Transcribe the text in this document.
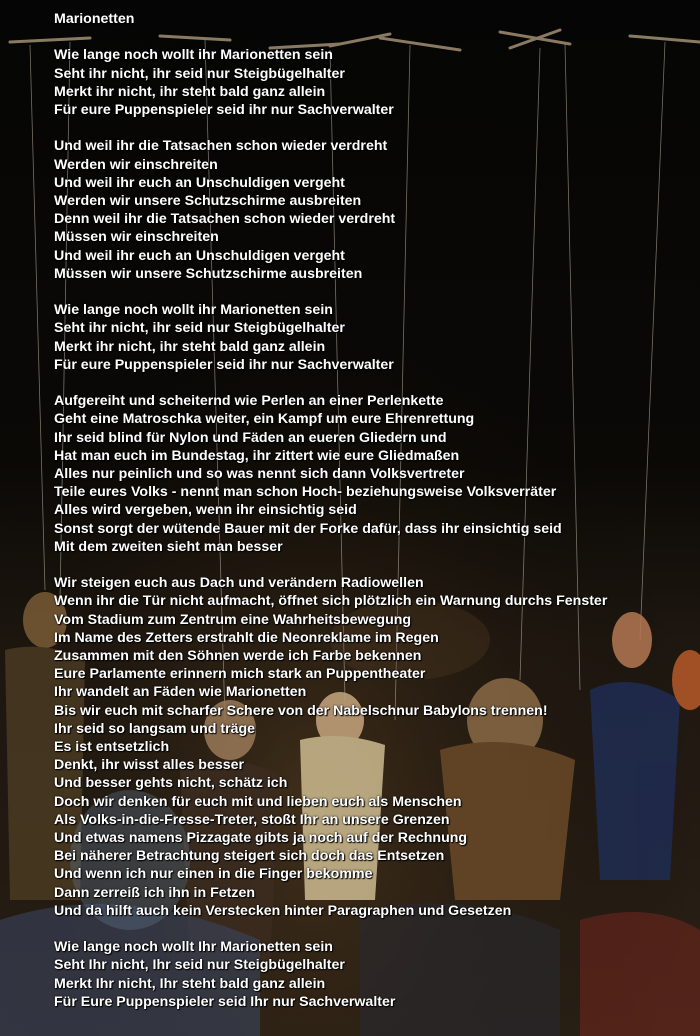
Marionetten
Wie lange noch wollt ihr Marionetten sein
Seht ihr nicht, ihr seid nur Steigbügelhalter
Merkt ihr nicht, ihr steht bald ganz allein
Für eure Puppenspieler seid ihr nur Sachverwalter
Und weil ihr die Tatsachen schon wieder verdreht
Werden wir einschreiten
Und weil ihr euch an Unschuldigen vergeht
Werden wir unsere Schutzschirme ausbreiten
Denn weil ihr die Tatsachen schon wieder verdreht
Müssen wir einschreiten
Und weil ihr euch an Unschuldigen vergeht
Müssen wir unsere Schutzschirme ausbreiten
Wie lange noch wollt ihr Marionetten sein
Seht ihr nicht, ihr seid nur Steigbügelhalter
Merkt ihr nicht, ihr steht bald ganz allein
Für eure Puppenspieler seid ihr nur Sachverwalter
Aufgereiht und scheiternd wie Perlen an einer Perlenkette
Geht eine Matroschka weiter, ein Kampf um eure Ehrenrettung
Ihr seid blind für Nylon und Fäden an eueren Gliedern und
Hat man euch im Bundestag, ihr zittert wie eure Gliedmaßen
Alles nur peinlich und so was nennt sich dann Volksvertreter
Teile eures Volks - nennt man schon Hoch- beziehungsweise Volksverräter
Alles wird vergeben, wenn ihr einsichtig seid
Sonst sorgt der wütende Bauer mit der Forke dafür, dass ihr einsichtig seid
Mit dem zweiten sieht man besser
Wir steigen euch aus Dach und verändern Radiowellen
Wenn ihr die Tür nicht aufmacht, öffnet sich plötzlich ein Warnung durchs Fenster
Vom Stadium zum Zentrum eine Wahrheitsbewegung
Im Name des Zetters erstrahlt die Neonreklame im Regen
Zusammen mit den Söhnen werde ich Farbe bekennen
Eure Parlamente erinnern mich stark an Puppentheater
Ihr wandelt an Fäden wie Marionetten
Bis wir euch mit scharfer Schere von der Nabelschnur Babylons trennen!
Ihr seid so langsam und träge
Es ist entsetzlich
Denkt, ihr wisst alles besser
Und besser gehts nicht, schätz ich
Doch wir denken für euch mit und lieben euch als Menschen
Als Volks-in-die-Fresse-Treter, stoßt Ihr an unsere Grenzen
Und etwas namens Pizzagate gibts ja noch auf der Rechnung
Bei näherer Betrachtung steigert sich doch das Entsetzen
Und wenn ich nur einen in die Finger bekomme
Dann zerreiß ich ihn in Fetzen
Und da hilft auch kein Verstecken hinter Paragraphen und Gesetzen
Wie lange noch wollt Ihr Marionetten sein
Seht Ihr nicht, Ihr seid nur Steigbügelhalter
Merkt Ihr nicht, Ihr steht bald ganz allein
Für Eure Puppenspieler seid Ihr nur Sachverwalter
